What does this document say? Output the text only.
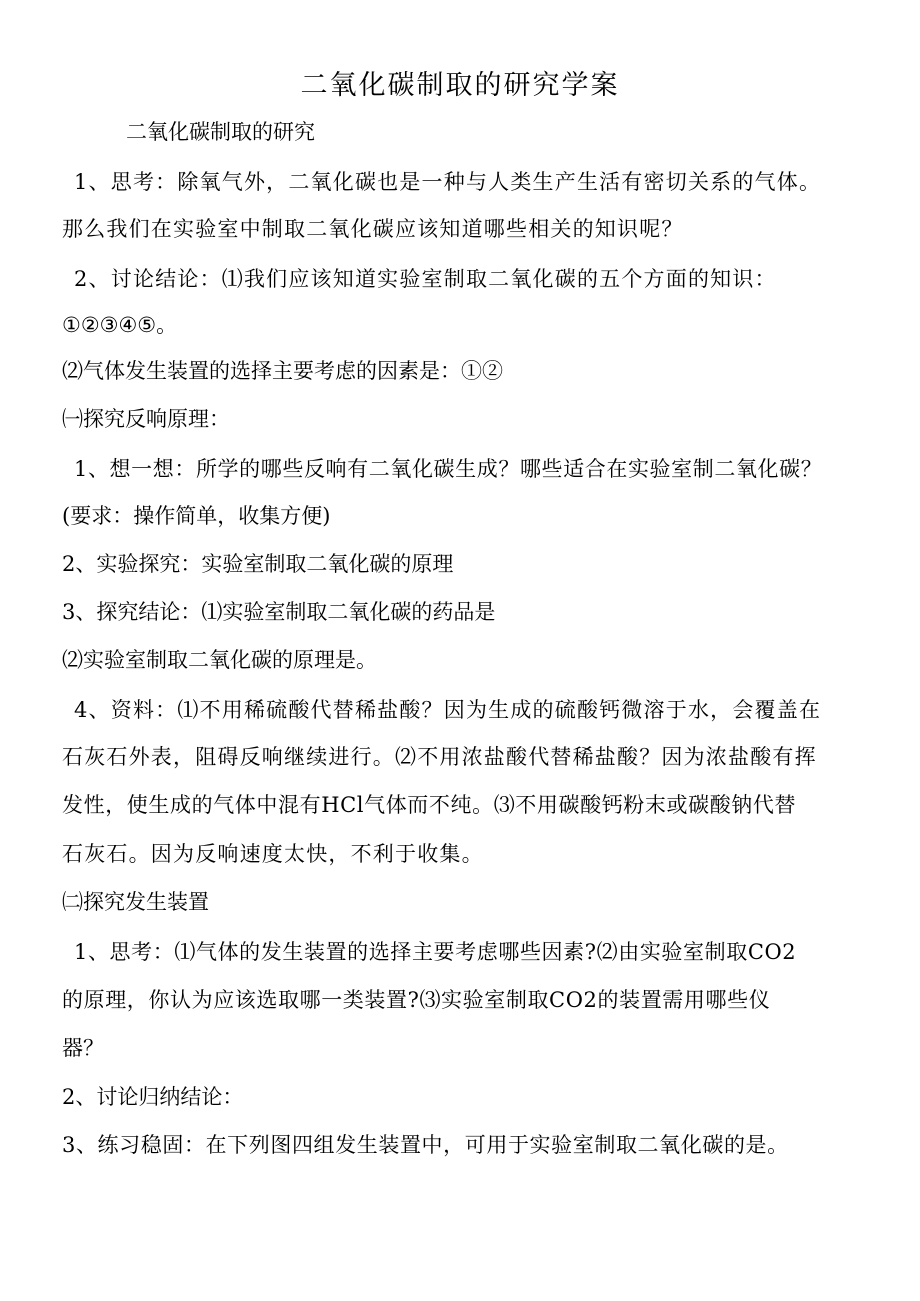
二氧化碳制取的研究学案
二氧化碳制取的研究
1、思考：除氧气外，二氧化碳也是一种与人类生产生活有密切关系的气体。
那么我们在实验室中制取二氧化碳应该知道哪些相关的知识呢？
2、讨论结论：⑴我们应该知道实验室制取二氧化碳的五个方面的知识：
①②③④⑤。
⑵气体发生装置的选择主要考虑的因素是：①②
㈠探究反响原理：
1、想一想：所学的哪些反响有二氧化碳生成？哪些适合在实验室制二氧化碳？
(要求：操作简单，收集方便)
2、实验探究：实验室制取二氧化碳的原理
3、探究结论：⑴实验室制取二氧化碳的药品是
⑵实验室制取二氧化碳的原理是。
4、资料：⑴不用稀硫酸代替稀盐酸？因为生成的硫酸钙微溶于水，会覆盖在
石灰石外表，阻碍反响继续进行。⑵不用浓盐酸代替稀盐酸？因为浓盐酸有挥
发性，使生成的气体中混有HCl气体而不纯。⑶不用碳酸钙粉末或碳酸钠代替
石灰石。因为反响速度太快，不利于收集。
㈡探究发生装置
1、思考：⑴气体的发生装置的选择主要考虑哪些因素?⑵由实验室制取CO2
的原理，你认为应该选取哪一类装置?⑶实验室制取CO2的装置需用哪些仪
器？
2、讨论归纳结论：
3、练习稳固：在下列图四组发生装置中，可用于实验室制取二氧化碳的是。
